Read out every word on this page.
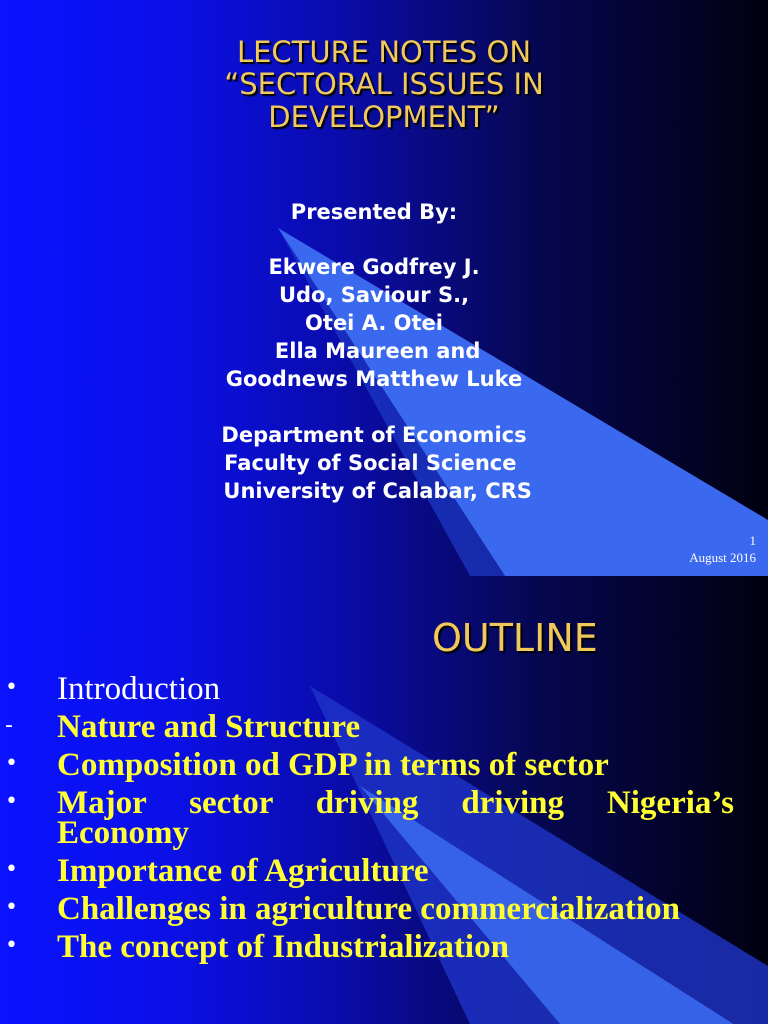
LECTURE NOTES ON
“SECTORAL ISSUES IN
DEVELOPMENT”
Presented By:
Ekwere Godfrey J.
Udo, Saviour S.,
Otei A. Otei
Ella Maureen and
Goodnews Matthew Luke
Department of Economics
Faculty of Social Science
University of Calabar, CRS
1
August 2016
OUTLINE
• Introduction
- Nature and Structure
• Composition od GDP in terms of sector
• Major sector driving driving Nigeria’s Economy
• Importance of Agriculture
• Challenges in agriculture commercialization
• The concept of Industrialization
